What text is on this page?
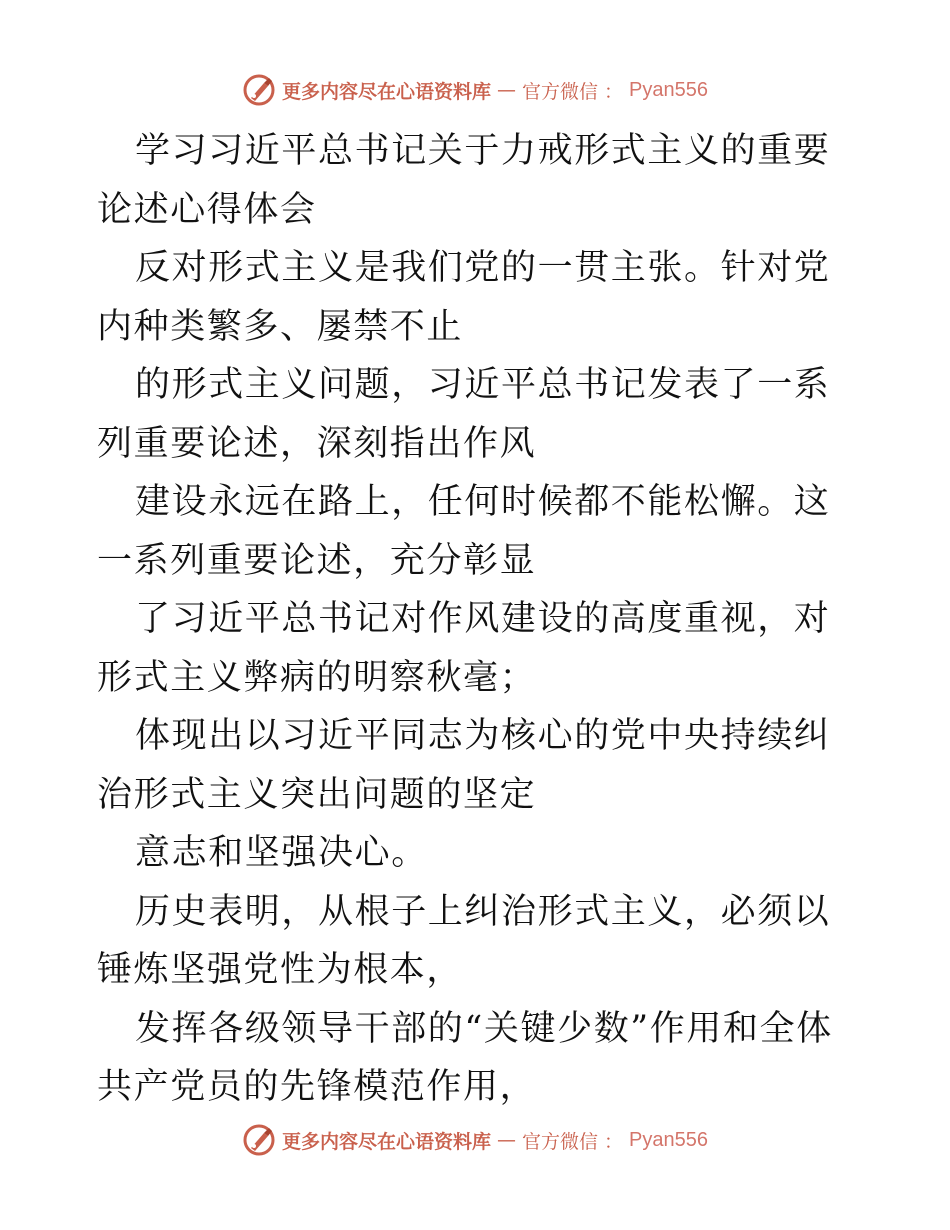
更多内容尽在心语资料库 — 官方微信 ： Pyan556

学习习近平总书记关于力戒形式主义的重要论述心得体会

反对形式主义是我们党的一贯主张。针对党内种类繁多、屡禁不止

的形式主义问题，习近平总书记发表了一系列重要论述，深刻指出作风

建设永远在路上，任何时候都不能松懈。这一系列重要论述，充分彰显

了习近平总书记对作风建设的高度重视，对形式主义弊病的明察秋毫；

体现出以习近平同志为核心的党中央持续纠治形式主义突出问题的坚定

意志和坚强决心。

历史表明，从根子上纠治形式主义，必须以锤炼坚强党性为根本，

发挥各级领导干部的“关键少数”作用和全体共产党员的先锋模范作用，

更多内容尽在心语资料库 — 官方微信 ： Pyan556
